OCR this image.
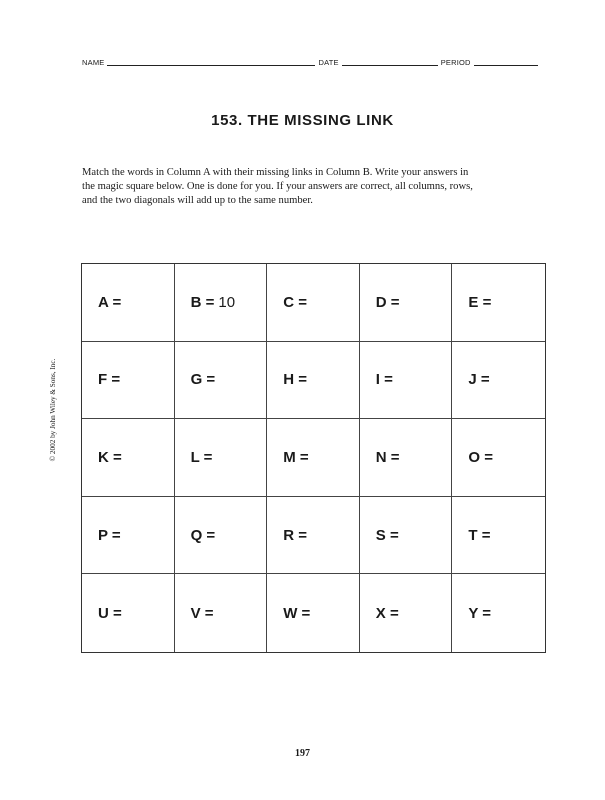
NAME	DATE	PERIOD
153. THE MISSING LINK
Match the words in Column A with their missing links in Column B. Write your answers in
the magic square below. One is done for you. If your answers are correct, all columns, rows,
and the two diagonals will add up to the same number.
© 2002 by John Wiley & Sons, Inc.
A =	B = 10	C =	D =	E =
F =	G =	H =	I =	J =
K =	L =	M =	N =	O =
P =	Q =	R =	S =	T =
U =	V =	W =	X =	Y =
197
